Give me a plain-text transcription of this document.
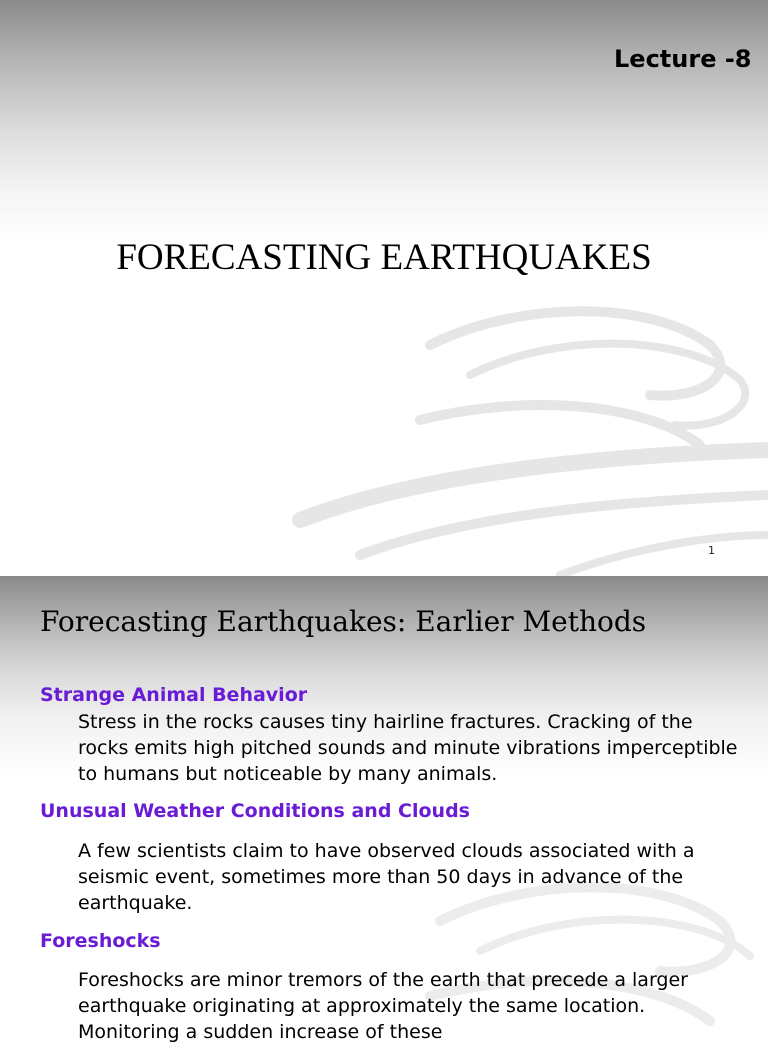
Lecture -8
FORECASTING EARTHQUAKES
1
Forecasting Earthquakes: Earlier Methods
Strange Animal Behavior
Stress in the rocks causes tiny hairline fractures. Cracking of the rocks emits high pitched sounds and minute vibrations imperceptible to humans but noticeable by many animals.
Unusual Weather Conditions and Clouds
A few scientists claim to have observed clouds associated with a seismic event, sometimes more than 50 days in advance of the earthquake.
Foreshocks
Foreshocks are minor tremors of the earth that precede a larger earthquake originating at approximately the same location. Monitoring a sudden increase of these
